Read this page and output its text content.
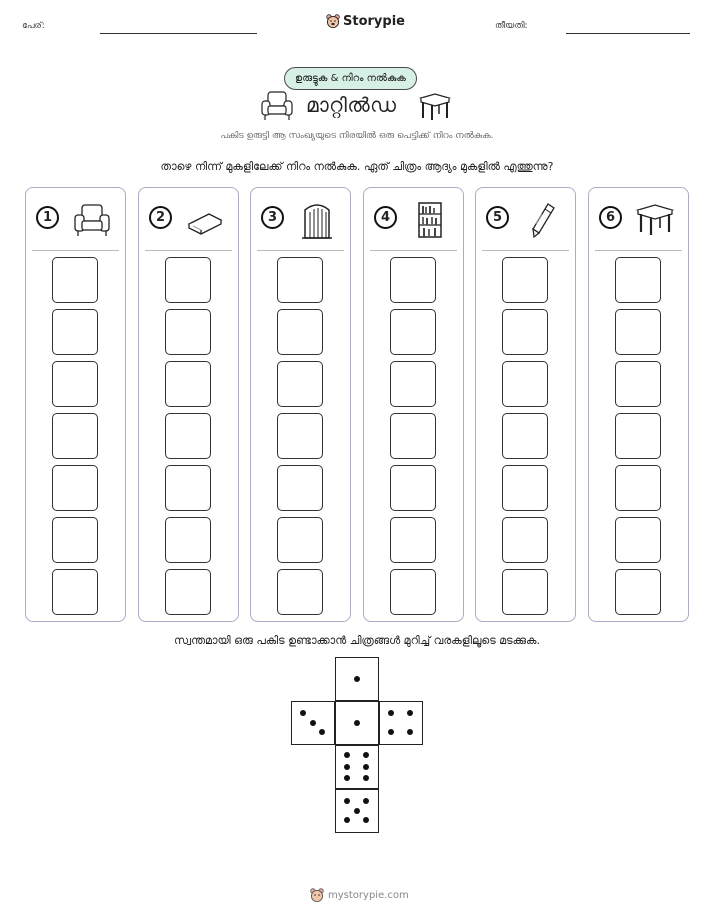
പേര്:	Storypie	തീയതി:
ഉരുട്ടുക & നിറം നൽകുക
മാറ്റിൽഡ
പകിട ഉരുട്ടി ആ സംഖ്യയുടെ നിരയിൽ ഒരു പെട്ടിക്ക് നിറം നൽകുക.
താഴെ നിന്ന് മുകളിലേക്ക് നിറം നൽകുക. ഏത് ചിത്രം ആദ്യം മുകളിൽ എത്തുന്നു?
1	2	3	4	5	6
സ്വന്തമായി ഒരു പകിട ഉണ്ടാക്കാൻ ചിത്രങ്ങൾ മുറിച്ച് വരകളിലൂടെ മടക്കുക.
mystorypie.com
